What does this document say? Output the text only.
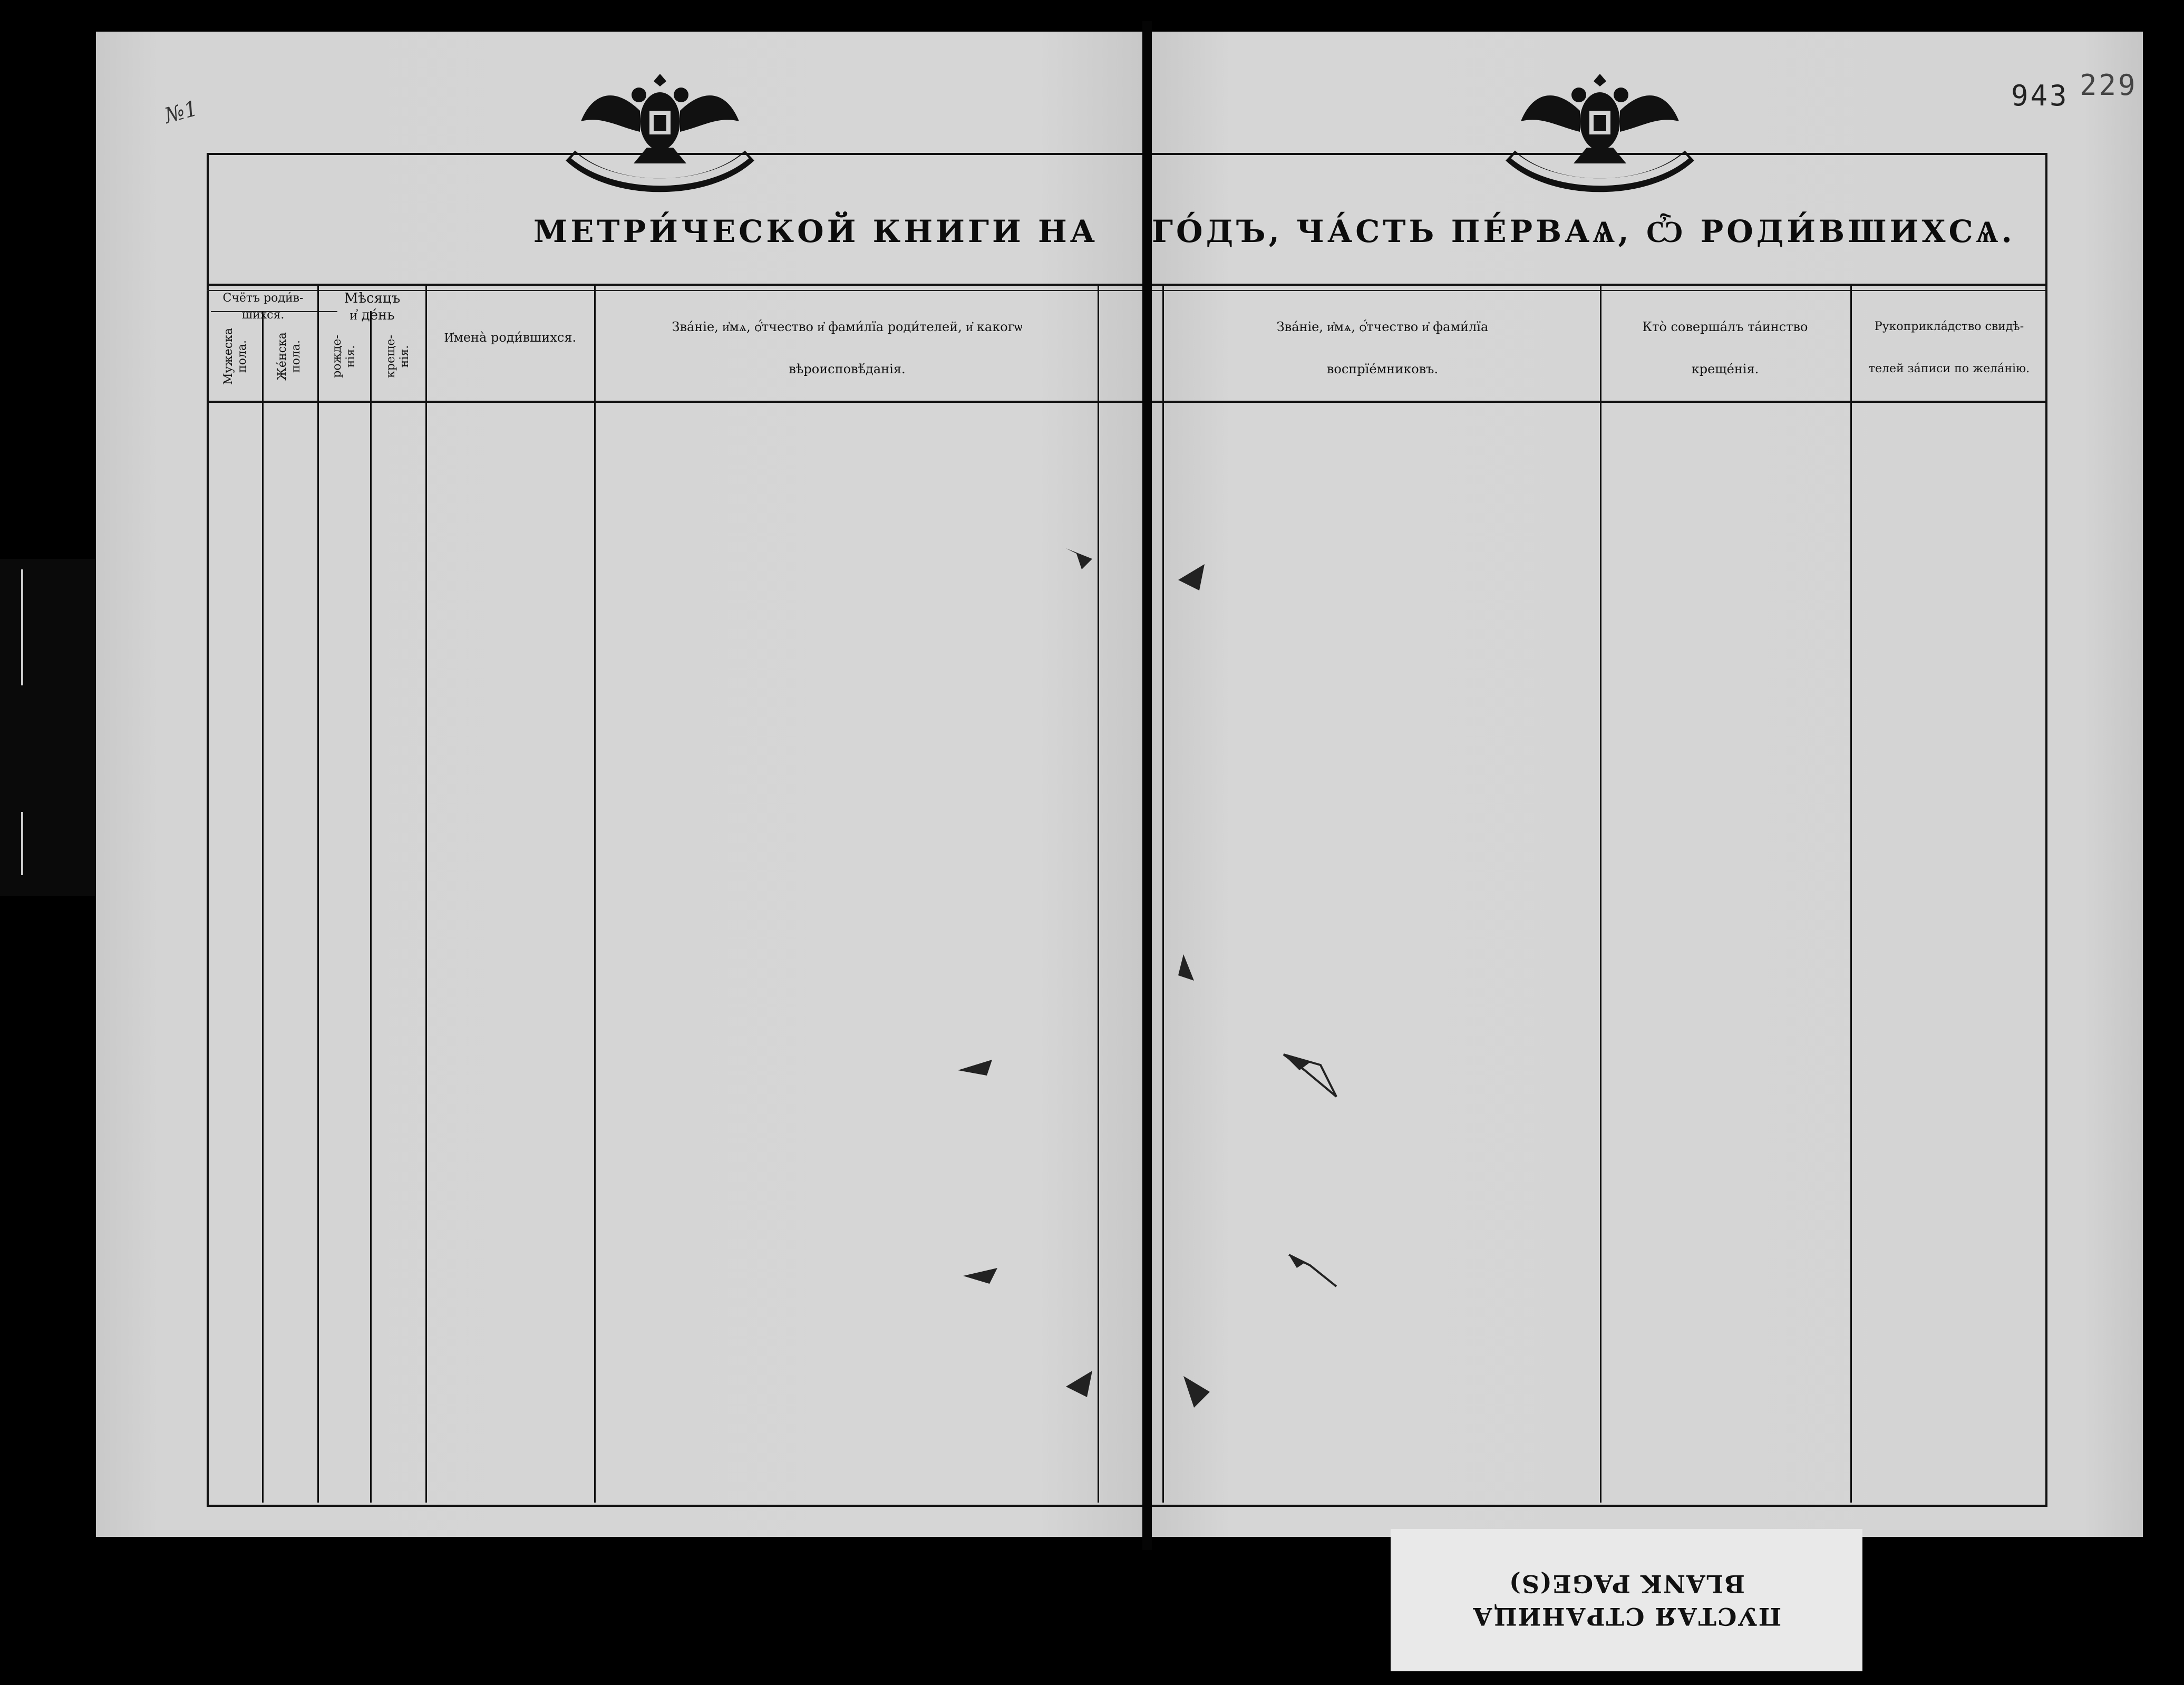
№1
МЕТРИ́ЧЕСКОЙ КНИГИ НА
Счётъ роди́в-
шихся.
Мужеска
пола. Же́нска
пола.
Мѣсяцъ
и҆ де́нь
рожде-
нія. креще-
нія.
И҆мена̀ роди́вшихся.
Зва́ніе, и҆мѧ, ѻ҆́тчество и҆ фами́лїа роди́телей, и҆ какогѡ
вѣроисповѣ́данія.
943 229
ГО́ДЪ, ЧА́СТЬ ПЕ́РВАѦ, Ѽ РОДИ́ВШИХСѦ.
Зва́ніе, и҆мѧ, ѻ҆́тчество и҆ фами́лїа
воспрїе́мниковъ.
Кто̀ соверша́лъ та́инство
креще́нія.
Рукоприкла́дство свидѣ-
телей за́писи по жела́нію.
ПУСТАЯ СТРАНИЦА
BLANK PAGE(S)
